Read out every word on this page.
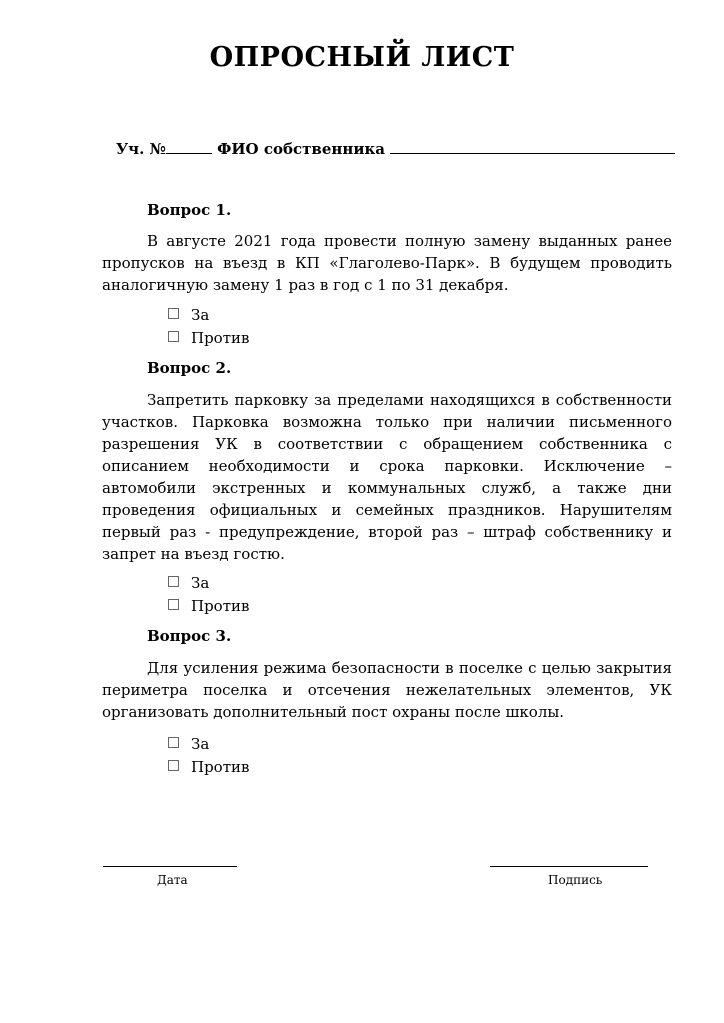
ОПРОСНЫЙ ЛИСТ
Уч. №	ФИО собственника
Вопрос 1.
В августе 2021 года провести полную замену выданных ранее пропусков на въезд в КП «Глаголево-Парк». В будущем проводить аналогичную замену 1 раз в год с 1 по 31 декабря.
За
Против
Вопрос 2.
Запретить парковку за пределами находящихся в собственности участков. Парковка возможна только при наличии письменного разрешения УК в соответствии с обращением собственника с описанием необходимости и срока парковки. Исключение – автомобили экстренных и коммунальных служб, а также дни проведения официальных и семейных праздников. Нарушителям первый раз - предупреждение, второй раз – штраф собственнику и запрет на въезд гостю.
За
Против
Вопрос 3.
Для усиления режима безопасности в поселке с целью закрытия периметра поселка и отсечения нежелательных элементов, УК организовать дополнительный пост охраны после школы.
За
Против
Дата	Подпись
